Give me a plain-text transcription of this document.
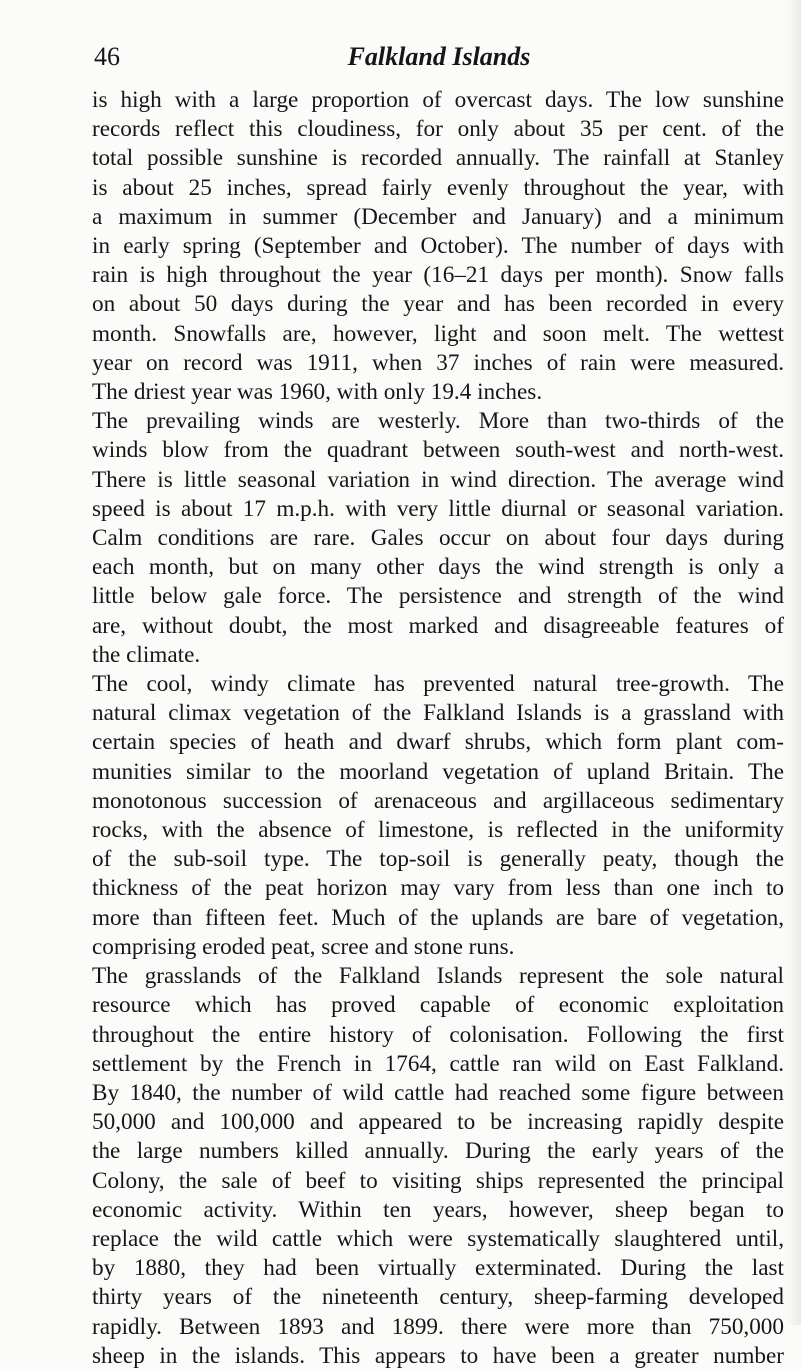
46	Falkland Islands

is high with a large proportion of overcast days. The low sunshine
records reflect this cloudiness, for only about 35 per cent. of the
total possible sunshine is recorded annually. The rainfall at Stanley
is about 25 inches, spread fairly evenly throughout the year, with
a maximum in summer (December and January) and a minimum
in early spring (September and October). The number of days with
rain is high throughout the year (16–21 days per month). Snow falls
on about 50 days during the year and has been recorded in every
month. Snowfalls are, however, light and soon melt. The wettest
year on record was 1911, when 37 inches of rain were measured.
The driest year was 1960, with only 19.4 inches.

The prevailing winds are westerly. More than two-thirds of the
winds blow from the quadrant between south-west and north-west.
There is little seasonal variation in wind direction. The average wind
speed is about 17 m.p.h. with very little diurnal or seasonal variation.
Calm conditions are rare. Gales occur on about four days during
each month, but on many other days the wind strength is only a
little below gale force. The persistence and strength of the wind
are, without doubt, the most marked and disagreeable features of
the climate.

The cool, windy climate has prevented natural tree-growth. The
natural climax vegetation of the Falkland Islands is a grassland with
certain species of heath and dwarf shrubs, which form plant com-
munities similar to the moorland vegetation of upland Britain. The
monotonous succession of arenaceous and argillaceous sedimentary
rocks, with the absence of limestone, is reflected in the uniformity
of the sub-soil type. The top-soil is generally peaty, though the
thickness of the peat horizon may vary from less than one inch to
more than fifteen feet. Much of the uplands are bare of vegetation,
comprising eroded peat, scree and stone runs.

The grasslands of the Falkland Islands represent the sole natural
resource which has proved capable of economic exploitation
throughout the entire history of colonisation. Following the first
settlement by the French in 1764, cattle ran wild on East Falkland.
By 1840, the number of wild cattle had reached some figure between
50,000 and 100,000 and appeared to be increasing rapidly despite
the large numbers killed annually. During the early years of the
Colony, the sale of beef to visiting ships represented the principal
economic activity. Within ten years, however, sheep began to
replace the wild cattle which were systematically slaughtered until,
by 1880, they had been virtually exterminated. During the last
thirty years of the nineteenth century, sheep-farming developed
rapidly. Between 1893 and 1899. there were more than 750,000
sheep in the islands. This appears to have been a greater number
